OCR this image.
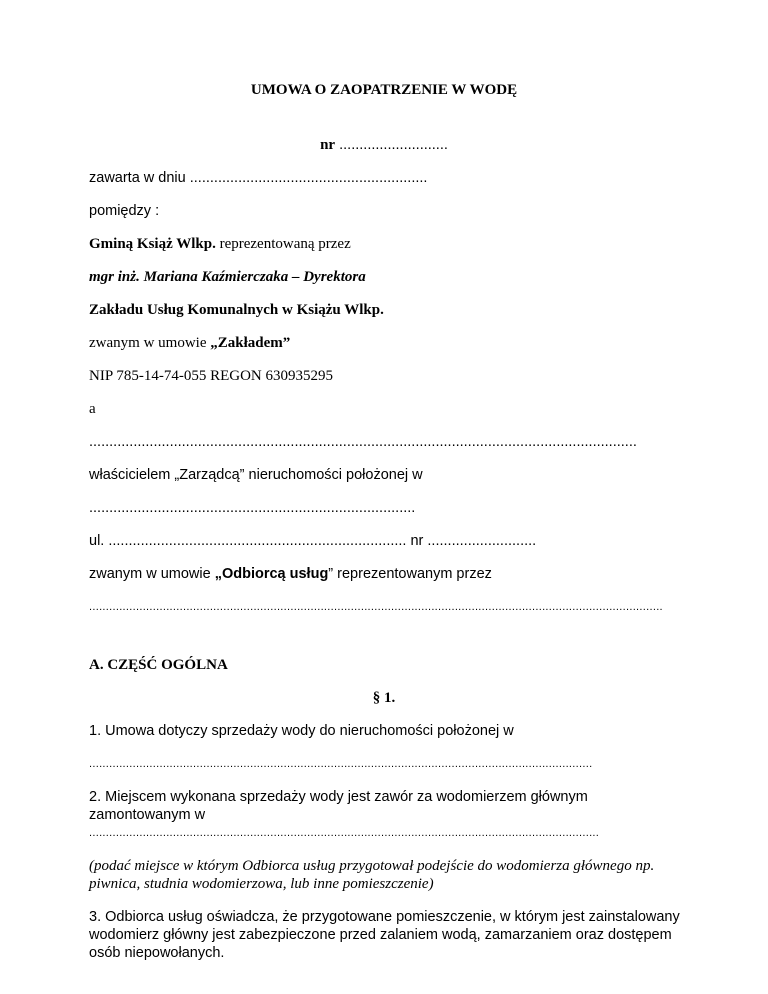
UMOWA O ZAOPATRZENIE W WODĘ
nr ...........................
zawarta w dniu ...........................................................
pomiędzy :
Gminą Książ Wlkp. reprezentowaną przez
mgr inż. Mariana Kaźmierczaka – Dyrektora
Zakładu Usług Komunalnych w Książu Wlkp.
zwanym w umowie „Zakładem”
NIP 785-14-74-055 REGON 630935295
a
........................................................................................................................................
właścicielem „Zarządcą” nieruchomości położonej w
.................................................................................
ul. .......................................................................... nr ...........................
zwanym w umowie „Odbiorcą usług” reprezentowanym przez
...........................................................................................................................................................................
A. CZĘŚĆ OGÓLNA
§ 1.
1. Umowa dotyczy sprzedaży wody do nieruchomości położonej w
......................................................................................................................................................
2. Miejscem wykonana sprzedaży wody jest zawór za wodomierzem głównym
zamontowanym w
........................................................................................................................................................
(podać miejsce w którym Odbiorca usług przygotował podejście do wodomierza głównego np.
piwnica, studnia wodomierzowa, lub inne pomieszczenie)
3. Odbiorca usług oświadcza, że przygotowane pomieszczenie, w którym jest zainstalowany
wodomierz główny jest zabezpieczone przed zalaniem wodą, zamarzaniem oraz dostępem
osób niepowołanych.
